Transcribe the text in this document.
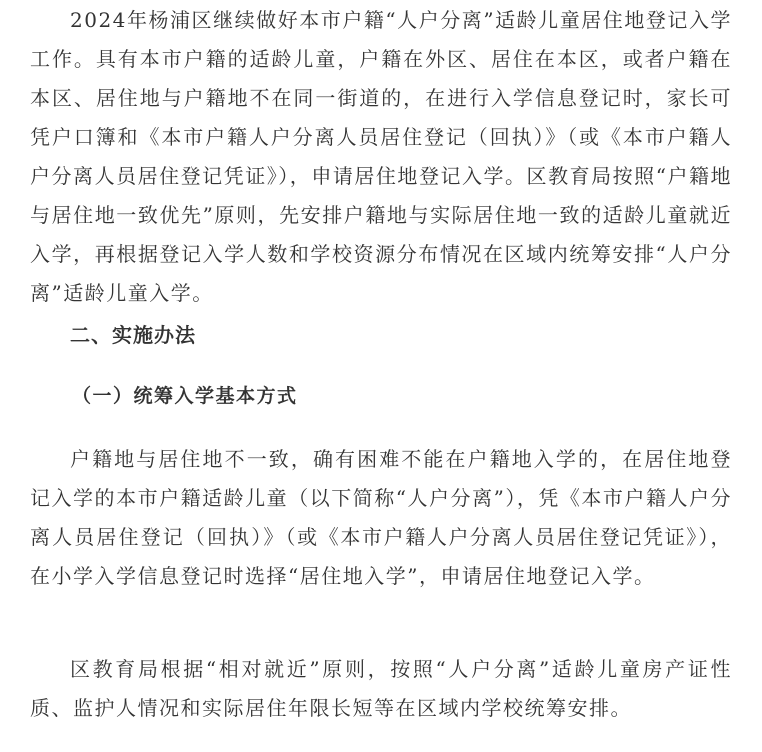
2024年杨浦区继续做好本市户籍“人户分离”适龄儿童居住地登记入学工作。具有本市户籍的适龄儿童，户籍在外区、居住在本区，或者户籍在本区、居住地与户籍地不在同一街道的，在进行入学信息登记时，家长可凭户口簿和《本市户籍人户分离人员居住登记（回执）》（或《本市户籍人户分离人员居住登记凭证》），申请居住地登记入学。区教育局按照“户籍地与居住地一致优先”原则，先安排户籍地与实际居住地一致的适龄儿童就近入学，再根据登记入学人数和学校资源分布情况在区域内统筹安排“人户分离”适龄儿童入学。

二、实施办法
（一）统筹入学基本方式

户籍地与居住地不一致，确有困难不能在户籍地入学的，在居住地登记入学的本市户籍适龄儿童（以下简称“人户分离”），凭《本市户籍人户分离人员居住登记（回执）》（或《本市户籍人户分离人员居住登记凭证》），在小学入学信息登记时选择“居住地入学”，申请居住地登记入学。

区教育局根据“相对就近”原则，按照“人户分离”适龄儿童房产证性质、监护人情况和实际居住年限长短等在区域内学校统筹安排。
